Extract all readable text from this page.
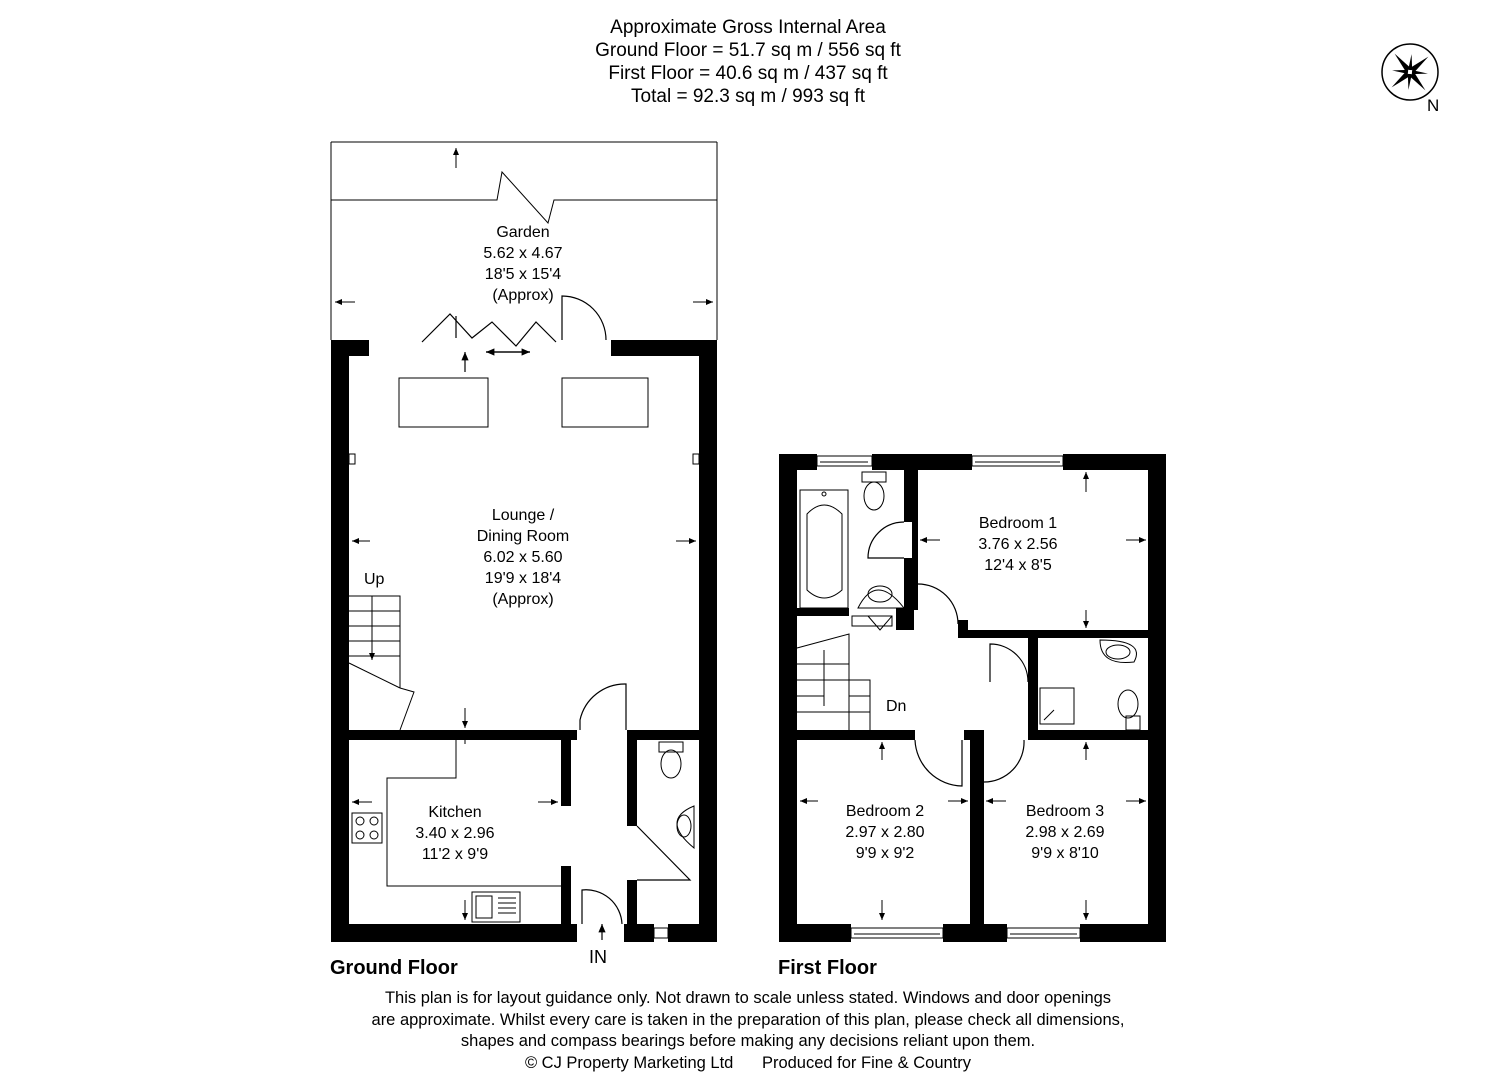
Approximate Gross Internal Area
Ground Floor = 51.7 sq m / 556 sq ft
First Floor = 40.6 sq m / 437 sq ft
Total = 92.3 sq m / 993 sq ft
Garden
5.62 x 4.67
18'5 x 15'4
(Approx)
Lounge /
Dining Room
6.02 x 5.60
19'9 x 18'4
(Approx)
Kitchen
3.40 x 2.96
11'2 x 9'9
Up
IN
Bedroom 1
3.76 x 2.56
12'4 x 8'5
Bedroom 2
2.97 x 2.80
9'9 x 9'2
Bedroom 3
2.98 x 2.69
9'9 x 8'10
Dn
Ground Floor	First Floor
N
This plan is for layout guidance only. Not drawn to scale unless stated. Windows and door openings
are approximate. Whilst every care is taken in the preparation of this plan, please check all dimensions,
shapes and compass bearings before making any decisions reliant upon them.
© CJ Property Marketing Ltd Produced for Fine & Country
